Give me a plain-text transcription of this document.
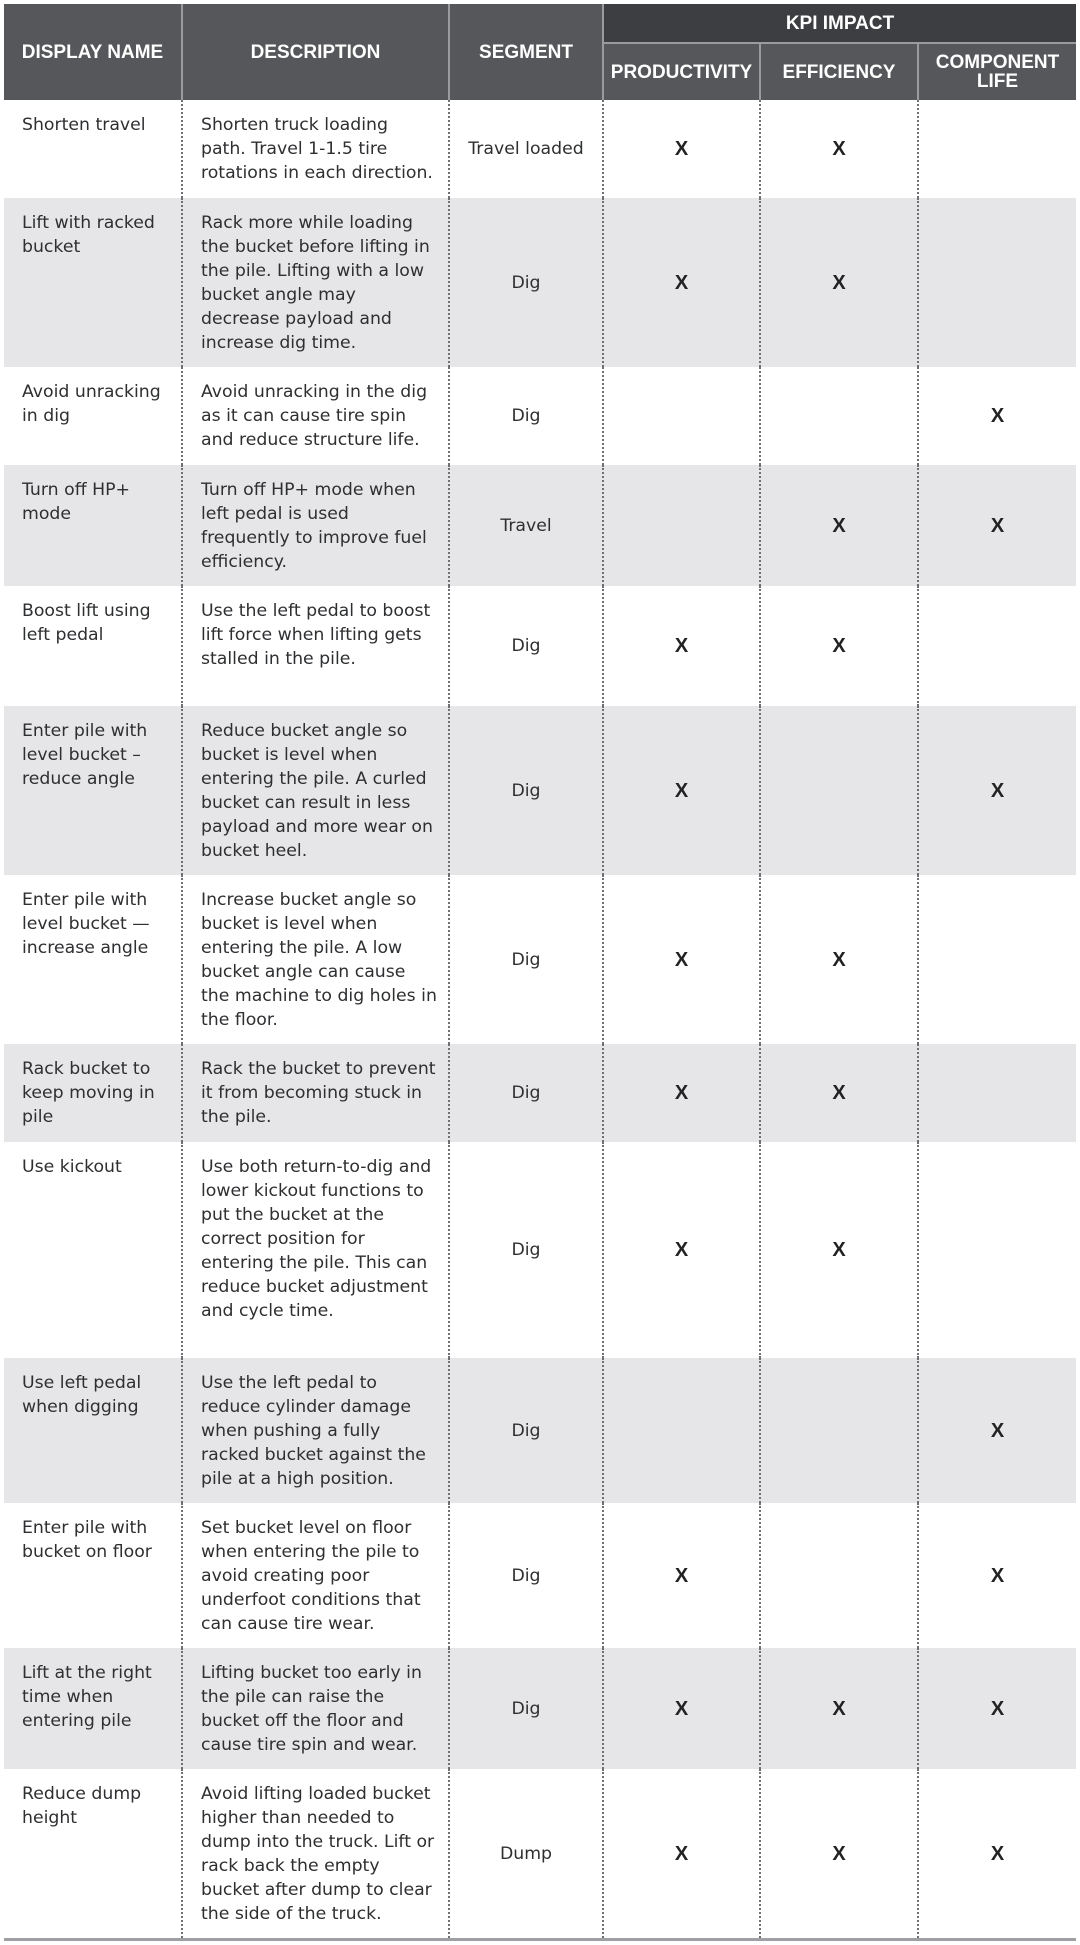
DISPLAY NAME	DESCRIPTION	SEGMENT	KPI IMPACT		
			PRODUCTIVITY	EFFICIENCY	COMPONENT LIFE
Shorten travel	Shorten truck loading path. Travel 1-1.5 tire rotations in each direction.	Travel loaded	X	X	
Lift with racked bucket	Rack more while loading the bucket before lifting in the pile. Lifting with a low bucket angle may decrease payload and increase dig time.	Dig	X	X	
Avoid unracking in dig	Avoid unracking in the dig as it can cause tire spin and reduce structure life.	Dig			X
Turn off HP+ mode	Turn off HP+ mode when left pedal is used frequently to improve fuel efficiency.	Travel		X	X
Boost lift using left pedal	Use the left pedal to boost lift force when lifting gets stalled in the pile.	Dig	X	X	
Enter pile with level bucket – reduce angle	Reduce bucket angle so bucket is level when entering the pile. A curled bucket can result in less payload and more wear on bucket heel.	Dig	X		X
Enter pile with level bucket — increase angle	Increase bucket angle so bucket is level when entering the pile. A low bucket angle can cause the machine to dig holes in the floor.	Dig	X	X	
Rack bucket to keep moving in pile	Rack the bucket to prevent it from becoming stuck in the pile.	Dig	X	X	
Use kickout	Use both return-to-dig and lower kickout functions to put the bucket at the correct position for entering the pile. This can reduce bucket adjustment and cycle time.	Dig	X	X	
Use left pedal when digging	Use the left pedal to reduce cylinder damage when pushing a fully racked bucket against the pile at a high position.	Dig			X
Enter pile with bucket on floor	Set bucket level on floor when entering the pile to avoid creating poor underfoot conditions that can cause tire wear.	Dig	X		X
Lift at the right time when entering pile	Lifting bucket too early in the pile can raise the bucket off the floor and cause tire spin and wear.	Dig	X	X	X
Reduce dump height	Avoid lifting loaded bucket higher than needed to dump into the truck. Lift or rack back the empty bucket after dump to clear the side of the truck.	Dump	X	X	X
